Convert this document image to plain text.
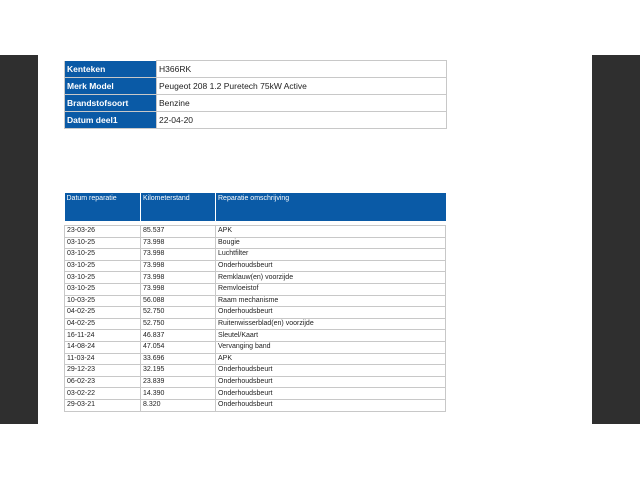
Kenteken	H366RK
Merk Model	Peugeot 208 1.2 Puretech 75kW Active
Brandstofsoort	Benzine
Datum deel1	22-04-20
Datum reparatie	Kilometerstand	Reparatie omschrijving

23-03-26	85.537	APK
03-10-25	73.998	Bougie
03-10-25	73.998	Luchtfilter
03-10-25	73.998	Onderhoudsbeurt
03-10-25	73.998	Remklauw(en) voorzijde
03-10-25	73.998	Remvloeistof
10-03-25	56.088	Raam mechanisme
04-02-25	52.750	Onderhoudsbeurt
04-02-25	52.750	Ruitenwisserblad(en) voorzijde
16-11-24	46.837	Sleutel/Kaart
14-08-24	47.054	Vervanging band
11-03-24	33.696	APK
29-12-23	32.195	Onderhoudsbeurt
06-02-23	23.839	Onderhoudsbeurt
03-02-22	14.390	Onderhoudsbeurt
29-03-21	8.320	Onderhoudsbeurt
